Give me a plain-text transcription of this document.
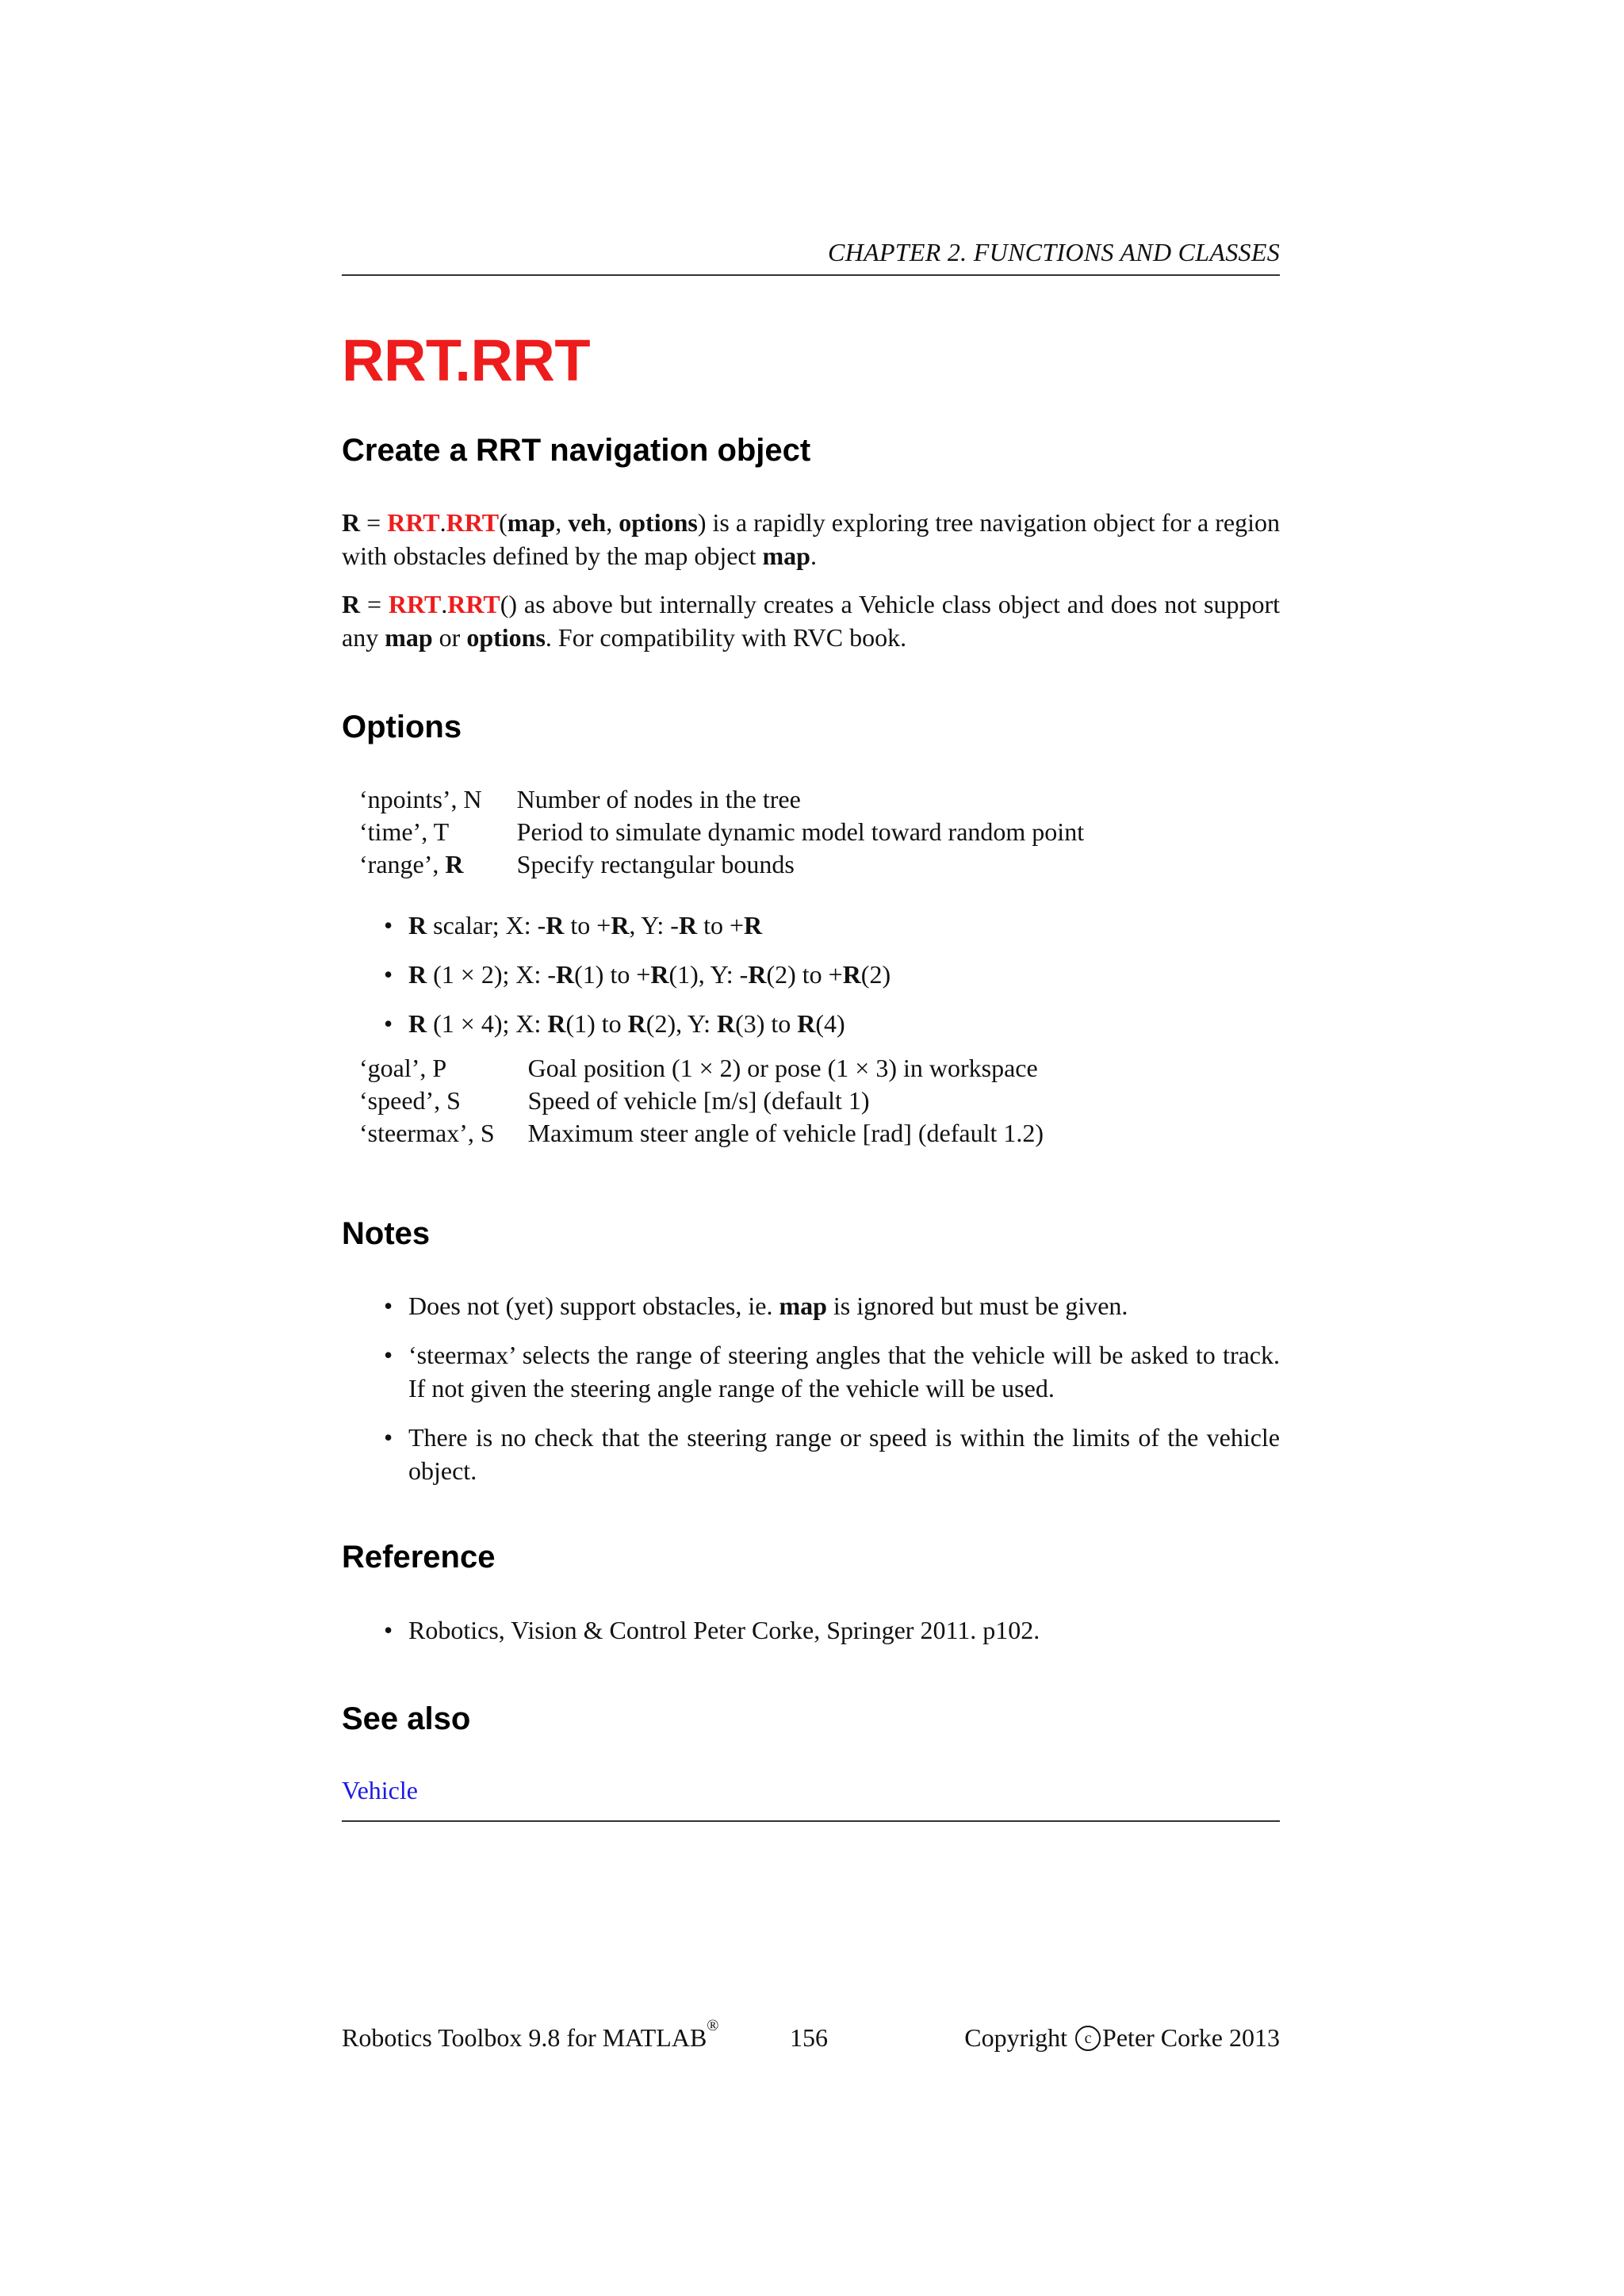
CHAPTER 2. FUNCTIONS AND CLASSES
RRT.RRT
Create a RRT navigation object

R = RRT.RRT(map, veh, options) is a rapidly exploring tree navigation object for a region with obstacles defined by the map object map.

R = RRT.RRT() as above but internally creates a Vehicle class object and does not support any map or options. For compatibility with RVC book.

Options
‘npoints’, N	Number of nodes in the tree
‘time’, T	Period to simulate dynamic model toward random point
‘range’, R	Specify rectangular bounds
• R scalar; X: -R to +R, Y: -R to +R
• R (1 × 2); X: -R(1) to +R(1), Y: -R(2) to +R(2)
• R (1 × 4); X: R(1) to R(2), Y: R(3) to R(4)
‘goal’, P	Goal position (1 × 2) or pose (1 × 3) in workspace
‘speed’, S	Speed of vehicle [m/s] (default 1)
‘steermax’, S	Maximum steer angle of vehicle [rad] (default 1.2)
Notes
• Does not (yet) support obstacles, ie. map is ignored but must be given.
• ‘steermax’ selects the range of steering angles that the vehicle will be asked to track. If not given the steering angle range of the vehicle will be used.
• There is no check that the steering range or speed is within the limits of the vehicle object.
Reference
• Robotics, Vision & Control Peter Corke, Springer 2011. p102.
See also
Vehicle
Robotics Toolbox 9.8 for MATLAB®	156	Copyright c Peter Corke 2013
